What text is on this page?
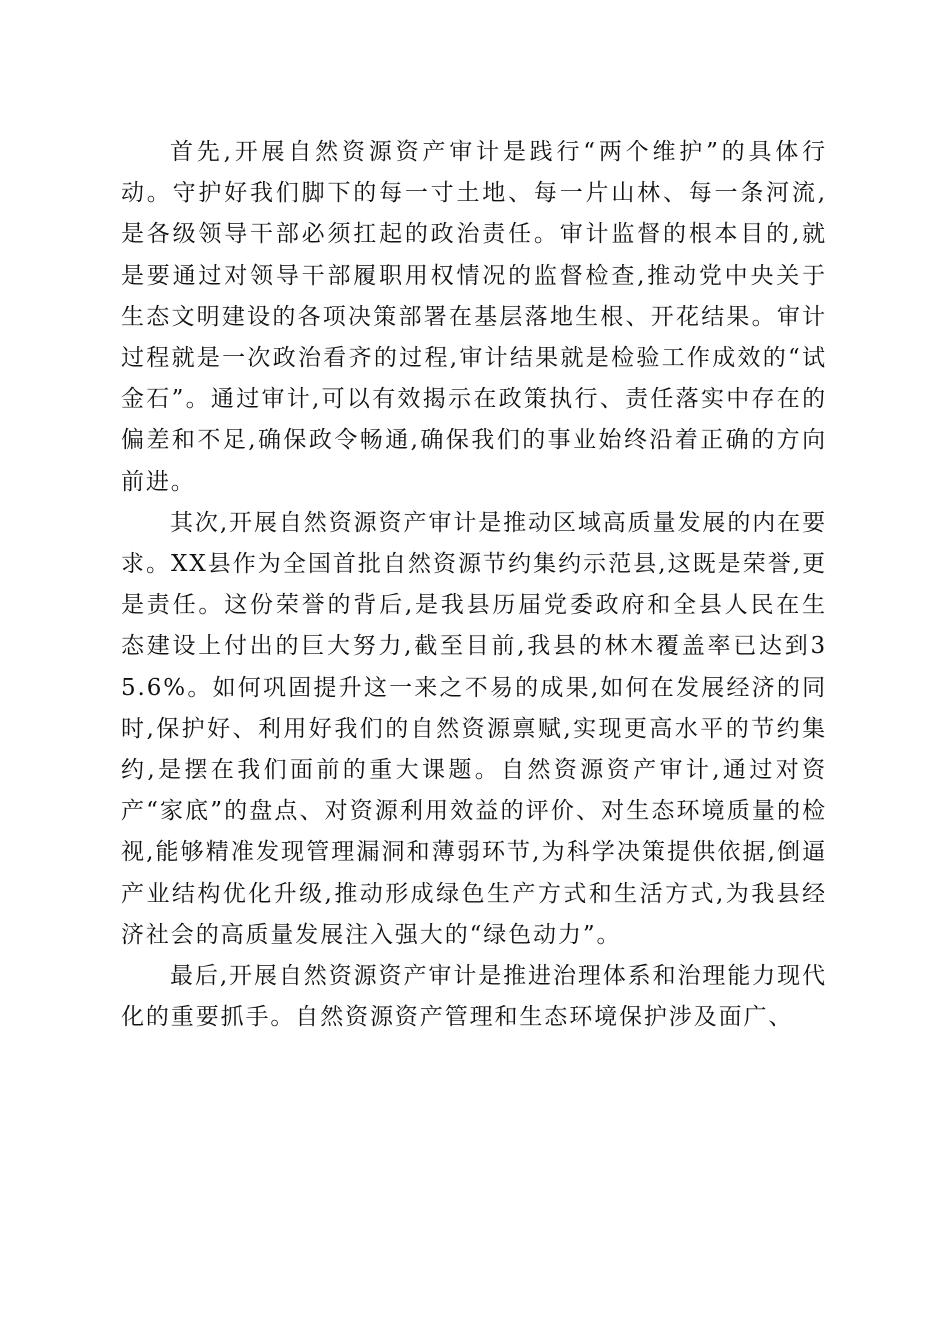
首先,开展自然资源资产审计是践行“两个维护”的具体行动。守护好我们脚下的每一寸土地、每一片山林、每一条河流,是各级领导干部必须扛起的政治责任。审计监督的根本目的,就是要通过对领导干部履职用权情况的监督检查,推动党中央关于生态文明建设的各项决策部署在基层落地生根、开花结果。审计过程就是一次政治看齐的过程,审计结果就是检验工作成效的“试金石”。通过审计,可以有效揭示在政策执行、责任落实中存在的偏差和不足,确保政令畅通,确保我们的事业始终沿着正确的方向前进。

其次,开展自然资源资产审计是推动区域高质量发展的内在要求。XX县作为全国首批自然资源节约集约示范县,这既是荣誉,更是责任。这份荣誉的背后,是我县历届党委政府和全县人民在生态建设上付出的巨大努力,截至目前,我县的林木覆盖率已达到35.6%。如何巩固提升这一来之不易的成果,如何在发展经济的同时,保护好、利用好我们的自然资源禀赋,实现更高水平的节约集约,是摆在我们面前的重大课题。自然资源资产审计,通过对资产“家底”的盘点、对资源利用效益的评价、对生态环境质量的检视,能够精准发现管理漏洞和薄弱环节,为科学决策提供依据,倒逼产业结构优化升级,推动形成绿色生产方式和生活方式,为我县经济社会的高质量发展注入强大的“绿色动力”。

最后,开展自然资源资产审计是推进治理体系和治理能力现代化的重要抓手。自然资源资产管理和生态环境保护涉及面广、
